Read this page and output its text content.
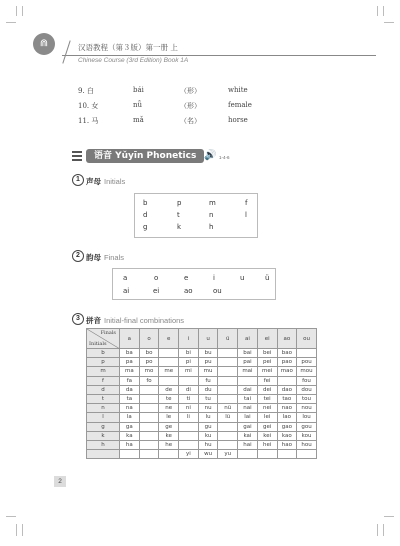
⋒	汉语教程（第３版）第一册 上
Chinese Course (3rd Edition) Book 1A
9. 白	bái	（形）	white
10. 女	nǚ	（形）	female
11. 马	mǎ	（名）	horse
语音 Yǔyīn Phonetics 🔊 1-4-6
1 声母 Initials
b	p	m	f
d	t	n	l
g	k	h
2 韵母 Finals
a	o	e	i	u	ü
ai	ei	ao	ou
3 拼音 Initial-final combinations
Finals
Initials	a	o	e	i	u	ü	ai	ei	ao	ou
b	ba	bo		bi	bu		bai	bei	bao	
p	pa	po		pi	pu		pai	pei	pao	pou
m	ma	mo	me	mi	mu		mai	mei	mao	mou
f	fa	fo			fu			fei		fou
d	da		de	di	du		dai	dei	dao	dou
t	ta		te	ti	tu		tai	tei	tao	tou
n	na		ne	ni	nu	nü	nai	nei	nao	nou
l	la		le	li	lu	lü	lai	lei	lao	lou
g	ga		ge		gu		gai	gei	gao	gou
k	ka		ke		ku		kai	kei	kao	kou
h	ha		he		hu		hai	hei	hao	hou
				yi	wu	yu				
2
